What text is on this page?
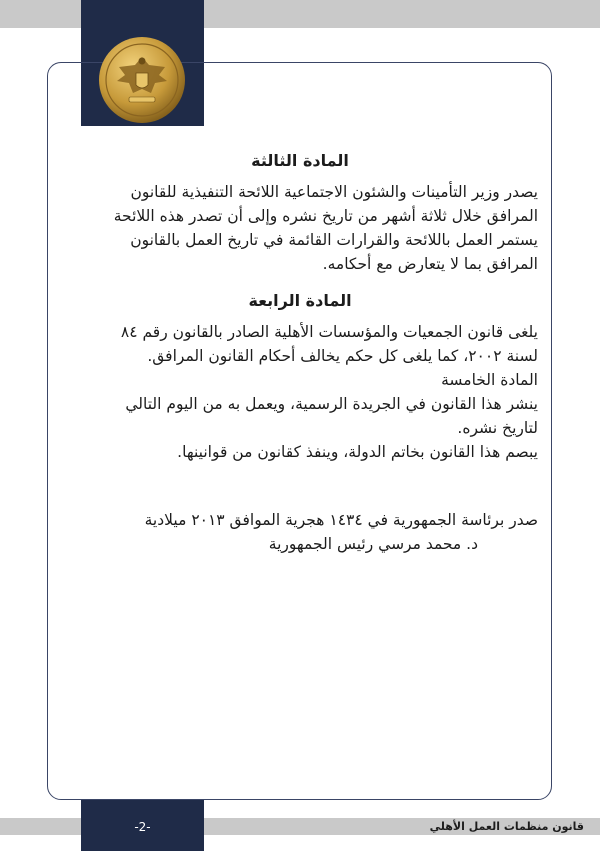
المادة الثالثة

يصدر وزير التأمينات والشئون الاجتماعية اللائحة التنفيذية للقانون

المرافق خلال ثلاثة أشهر من تاريخ نشره وإلى أن تصدر هذه اللائحة

يستمر العمل باللائحة والقرارات القائمة في تاريخ العمل بالقانون

المرافق بما لا يتعارض مع أحكامه.

المادة الرابعة

يلغى قانون الجمعيات والمؤسسات الأهلية الصادر بالقانون رقم ٨٤

لسنة ٢٠٠٢، كما يلغى كل حكم يخالف أحكام القانون المرافق.

المادة الخامسة

ينشر هذا القانون في الجريدة الرسمية، ويعمل به من اليوم التالي

لتاريخ نشره.

يبصم هذا القانون بخاتم الدولة، وينفذ كقانون من قوانينها.

صدر برئاسة الجمهورية في ١٤٣٤ هجرية الموافق ٢٠١٣ ميلادية
د. محمد مرسي رئيس الجمهورية
-2-	قانون منظمات العمل الأهلي
